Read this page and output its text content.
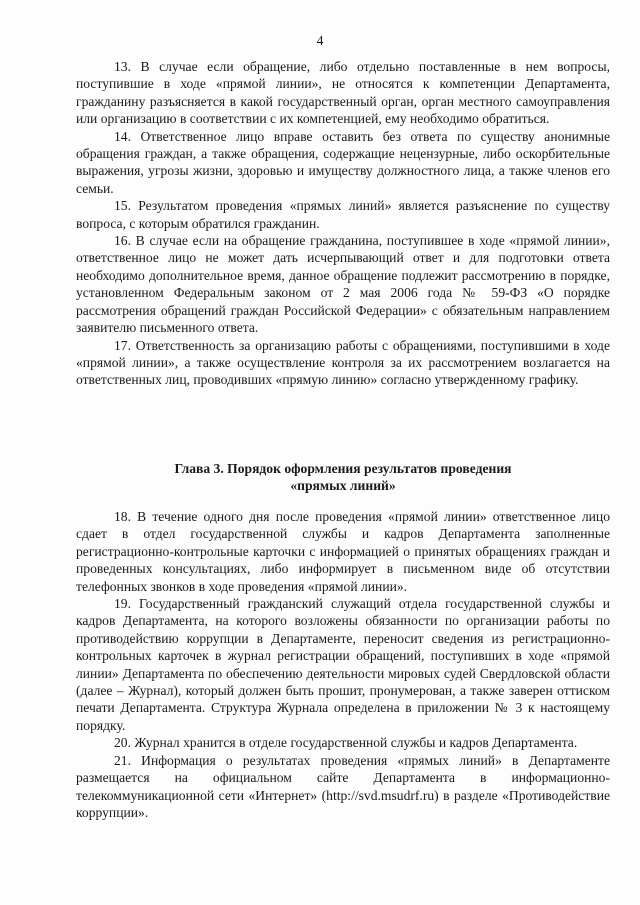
4

13. В случае если обращение, либо отдельно поставленные в нем вопросы, поступившие в ходе «прямой линии», не относятся к компетенции Департамента, гражданину разъясняется в какой государственный орган, орган местного самоуправления или организацию в соответствии с их компетенцией, ему необходимо обратиться.

14. Ответственное лицо вправе оставить без ответа по существу анонимные обращения граждан, а также обращения, содержащие нецензурные, либо оскорбительные выражения, угрозы жизни, здоровью и имуществу должностного лица, а также членов его семьи.

15. Результатом проведения «прямых линий» является разъяснение по существу вопроса, с которым обратился гражданин.

16. В случае если на обращение гражданина, поступившее в ходе «прямой линии», ответственное лицо не может дать исчерпывающий ответ и для подготовки ответа необходимо дополнительное время, данное обращение подлежит рассмотрению в порядке, установленном Федеральным законом от 2 мая 2006 года № 59-ФЗ «О порядке рассмотрения обращений граждан Российской Федерации» с обязательным направлением заявителю письменного ответа.

17. Ответственность за организацию работы с обращениями, поступившими в ходе «прямой линии», а также осуществление контроля за их рассмотрением возлагается на ответственных лиц, проводивших «прямую линию» согласно утвержденному графику.

Глава 3. Порядок оформления результатов проведения
«прямых линий»

18. В течение одного дня после проведения «прямой линии» ответственное лицо сдает в отдел государственной службы и кадров Департамента заполненные регистрационно-контрольные карточки с информацией о принятых обращениях граждан и проведенных консультациях, либо информирует в письменном виде об отсутствии телефонных звонков в ходе проведения «прямой линии».

19. Государственный гражданский служащий отдела государственной службы и кадров Департамента, на которого возложены обязанности по организации работы по противодействию коррупции в Департаменте, переносит сведения из регистрационно-контрольных карточек в журнал регистрации обращений, поступивших в ходе «прямой линии» Департамента по обеспечению деятельности мировых судей Свердловской области (далее – Журнал), который должен быть прошит, пронумерован, а также заверен оттиском печати Департамента. Структура Журнала определена в приложении № 3 к настоящему порядку.

20. Журнал хранится в отделе государственной службы и кадров Департамента.

21. Информация о результатах проведения «прямых линий» в Департаменте размещается на официальном сайте Департамента в информационно-телекоммуникационной сети «Интернет» (http://svd.msudrf.ru) в разделе «Противодействие коррупции».
